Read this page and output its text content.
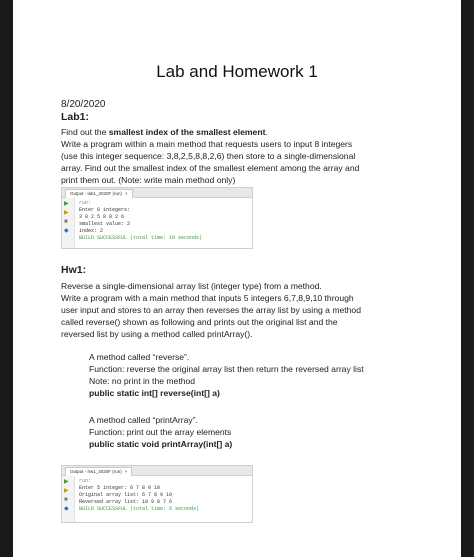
Lab and Homework 1
8/20/2020
Lab1:
Find out the smallest index of the smallest element.
Write a program within a main method that requests users to input 8 integers
(use this integer sequence: 3,8,2,5,8,8,2,6) then store to a single-dimensional
array. Find out the smallest index of the smallest element among the array and
print them out. (Note: write main method only)
Output - lab1_2020F (run) ×
▶
▶
■
◆
run:
Enter 8 integers:
3 8 2 5 8 8 2 6
smallest value: 2
index: 2
BUILD SUCCESSFUL (total time: 18 seconds)
Hw1:
Reverse a single-dimensional array list (integer type) from a method.
Write a program with a main method that inputs 5 integers 6,7,8,9,10 through
user input and stores to an array then reverses the array list by using a method
called reverse() shown as following and prints out the original list and the
reversed list by using a method called printArray().
A method called “reverse”.
Function: reverse the original array list then return the reversed array list
Note: no print in the method
public static int[] reverse(int[] a)
A method called “printArray”.
Function: print out the array elements
public static void printArray(int[] a)
Output - hw1_2020F (run) ×
▶
▶
■
◆
run:
Enter 5 integer: 6 7 8 9 10
Original array list: 6 7 8 9 10
Reversed array list: 10 9 8 7 6
BUILD SUCCESSFUL (total time: 5 seconds)
